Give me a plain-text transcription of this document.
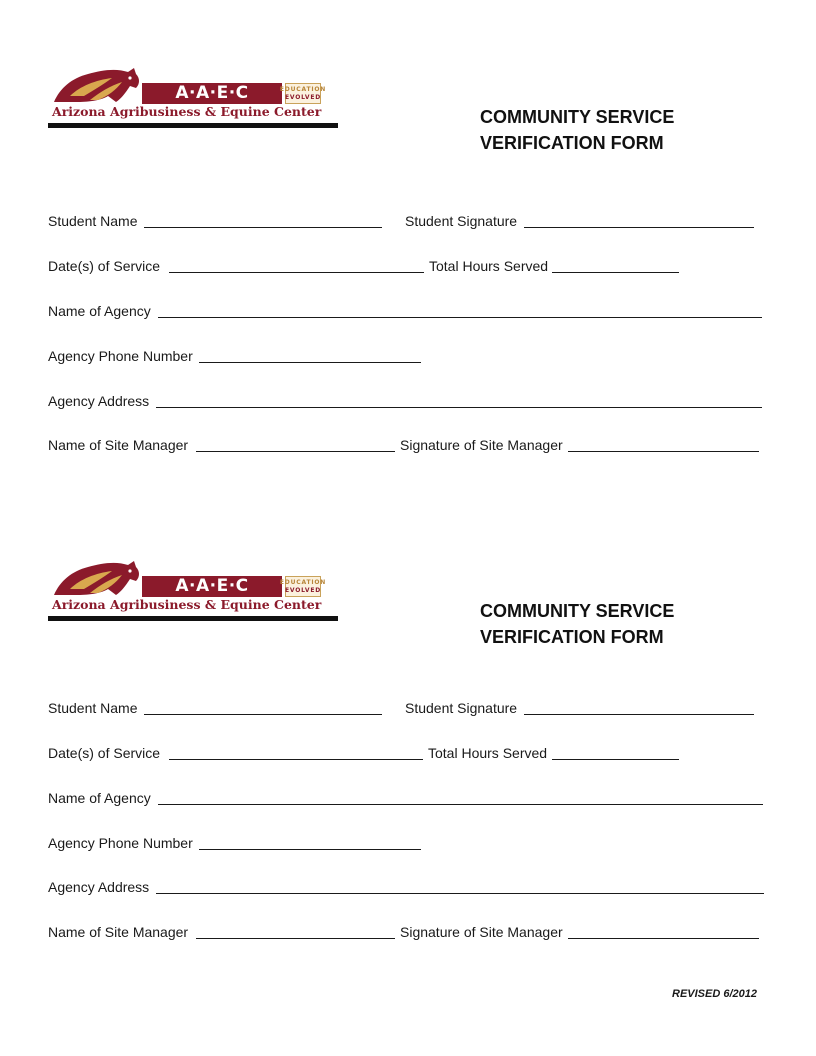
A·A·E·C	EDUCATION
EVOLVED
Arizona Agribusiness & Equine Center	COMMUNITY SERVICE
VERIFICATION FORM
Student Name	Student Signature
Date(s) of Service	Total Hours Served
Name of Agency
Agency Phone Number
Agency Address
Name of Site Manager	Signature of Site Manager
A·A·E·C	EDUCATION
EVOLVED
Arizona Agribusiness & Equine Center	COMMUNITY SERVICE
VERIFICATION FORM
Student Name	Student Signature
Date(s) of Service	Total Hours Served
Name of Agency
Agency Phone Number
Agency Address
Name of Site Manager	Signature of Site Manager
REVISED 6/2012
